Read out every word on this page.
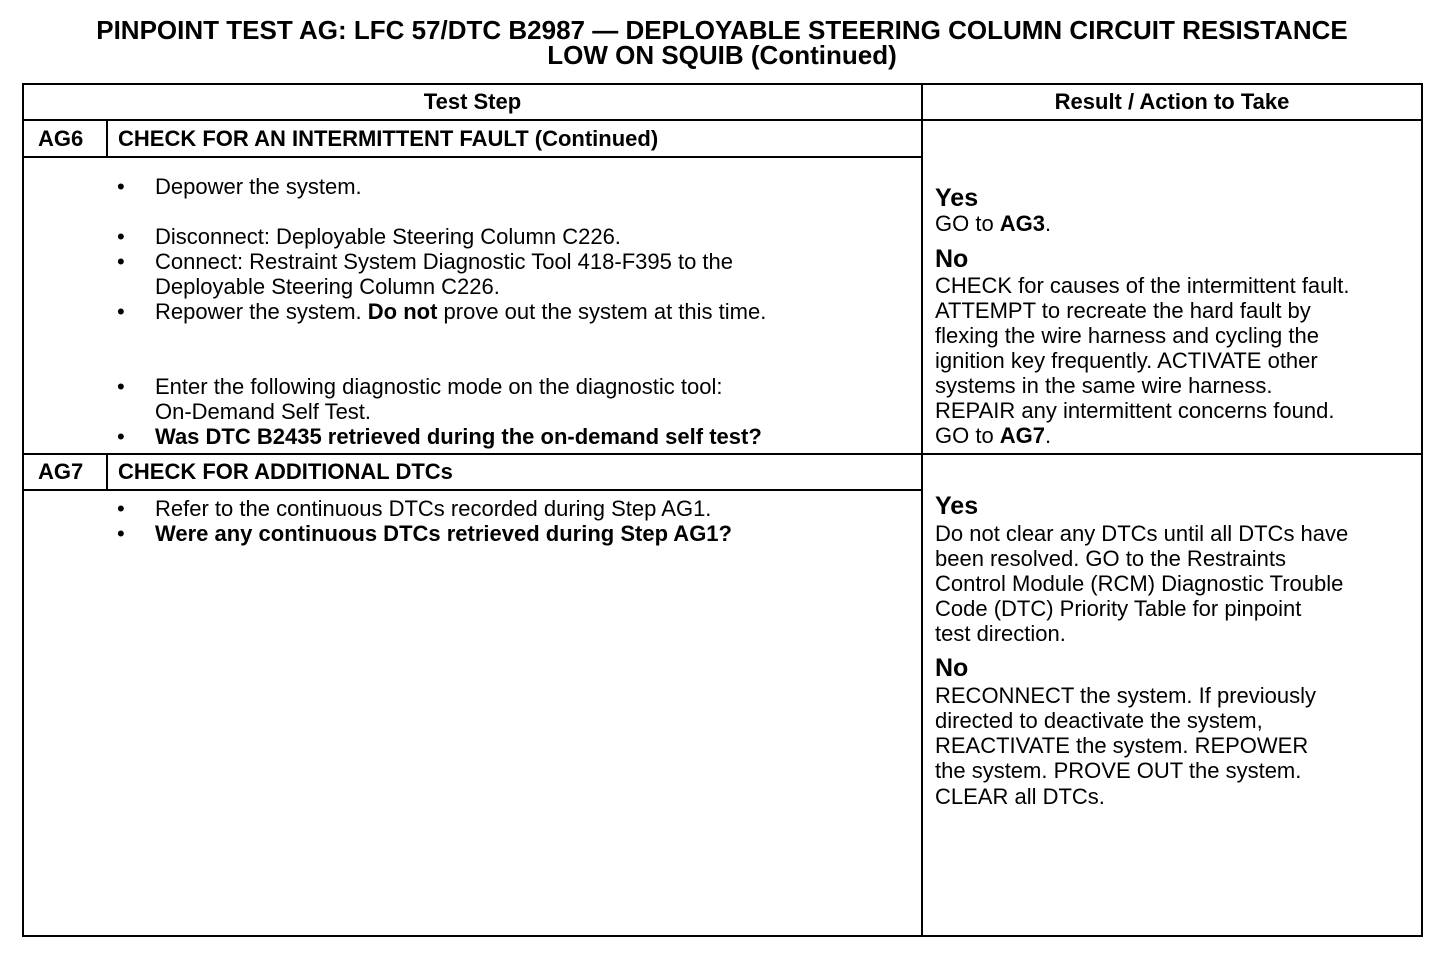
PINPOINT TEST AG: LFC 57/DTC B2987 — DEPLOYABLE STEERING COLUMN CIRCUIT RESISTANCE
LOW ON SQUIB (Continued)
Test Step	Result / Action to Take
AG6 CHECK FOR AN INTERMITTENT FAULT (Continued)
• Depower the system.
• Disconnect: Deployable Steering Column C226.
• Connect: Restraint System Diagnostic Tool 418-F395 to the
Deployable Steering Column C226.
• Repower the system. Do not prove out the system at this time.
• Enter the following diagnostic mode on the diagnostic tool:
On-Demand Self Test.
• Was DTC B2435 retrieved during the on-demand self test?
Yes
GO to AG3.
No
CHECK for causes of the intermittent fault.
ATTEMPT to recreate the hard fault by
flexing the wire harness and cycling the
ignition key frequently. ACTIVATE other
systems in the same wire harness.
REPAIR any intermittent concerns found.
GO to AG7.
AG7 CHECK FOR ADDITIONAL DTCs
• Refer to the continuous DTCs recorded during Step AG1.
• Were any continuous DTCs retrieved during Step AG1?
Yes
Do not clear any DTCs until all DTCs have
been resolved. GO to the Restraints
Control Module (RCM) Diagnostic Trouble
Code (DTC) Priority Table for pinpoint
test direction.
No
RECONNECT the system. If previously
directed to deactivate the system,
REACTIVATE the system. REPOWER
the system. PROVE OUT the system.
CLEAR all DTCs.
